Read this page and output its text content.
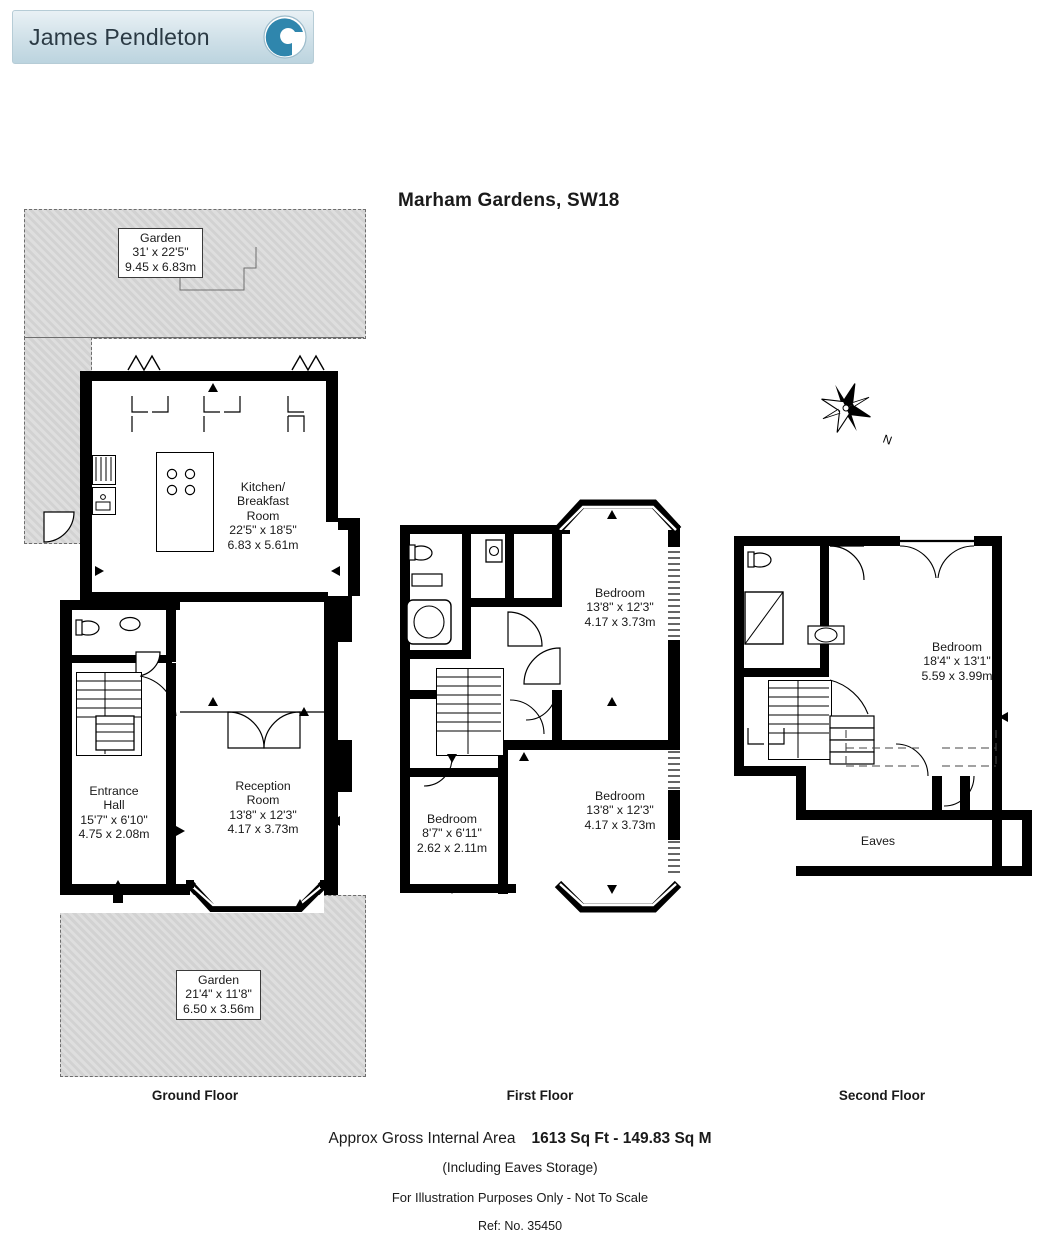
James Pendleton
Marham Gardens, SW18
N
Garden
31' x 22'5"
9.45 x 6.83m
Kitchen/
Breakfast
Room
22'5" x 18'5"
6.83 x 5.61m
Entrance
Hall
15'7" x 6'10"
4.75 x 2.08m
Reception
Room
13'8" x 12'3"
4.17 x 3.73m
Garden
21'4" x 11'8"
6.50 x 3.56m
Bedroom
13'8" x 12'3"
4.17 x 3.73m
Bedroom
13'8" x 12'3"
4.17 x 3.73m
Bedroom
8'7" x 6'11"
2.62 x 2.11m
Bedroom
18'4" x 13'1"
5.59 x 3.99m
Eaves
Ground Floor	First Floor	Second Floor
Approx Gross Internal Area 1613 Sq Ft - 149.83 Sq M
(Including Eaves Storage)
For Illustration Purposes Only - Not To Scale
Ref: No. 35450
